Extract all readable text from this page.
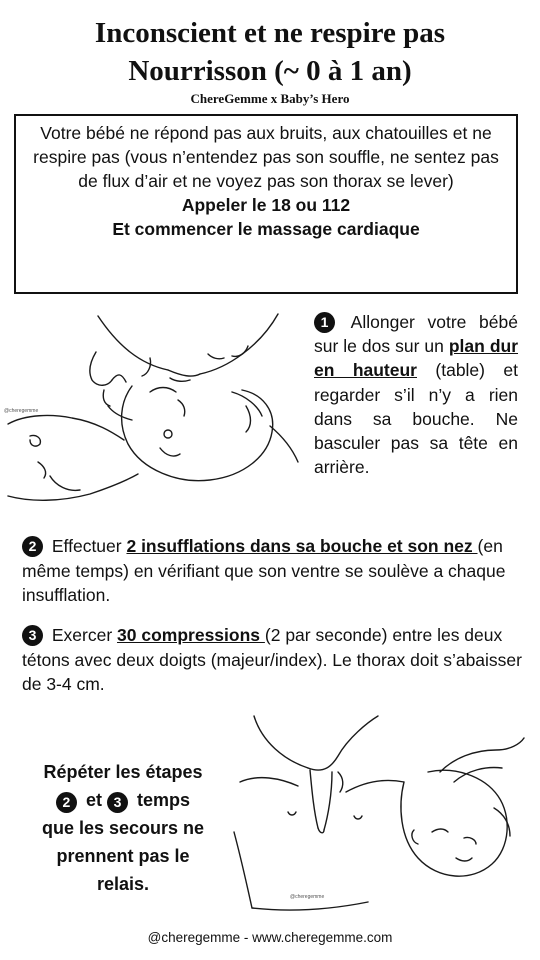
Inconscient et ne respire pas
Nourrisson (~ 0 à 1 an)
ChereGemme x Baby’s Hero
Votre bébé ne répond pas aux bruits, aux chatouilles et ne respire pas (vous n’entendez pas son souffle, ne sentez pas de flux d’air et ne voyez pas son thorax se lever)
Appeler le 18 ou 112
Et commencer le massage cardiaque
@cheregemme
1 Allonger votre bébé sur le dos sur un plan dur en hauteur (table) et regarder s’il n’y a rien dans sa bouche. Ne basculer pas sa tête en arrière.
2 Effectuer 2 insufflations dans sa bouche et son nez (en même temps) en vérifiant que son ventre se soulève a chaque insufflation.
3 Exercer 30 compressions (2 par seconde) entre les deux tétons avec deux doigts (majeur/index). Le thorax doit s’abaisser de 3-4 cm.
Répéter les étapes
2 et 3 temps
que les secours ne
prennent pas le
relais.
@cheregemme
@cheregemme - www.cheregemme.com
